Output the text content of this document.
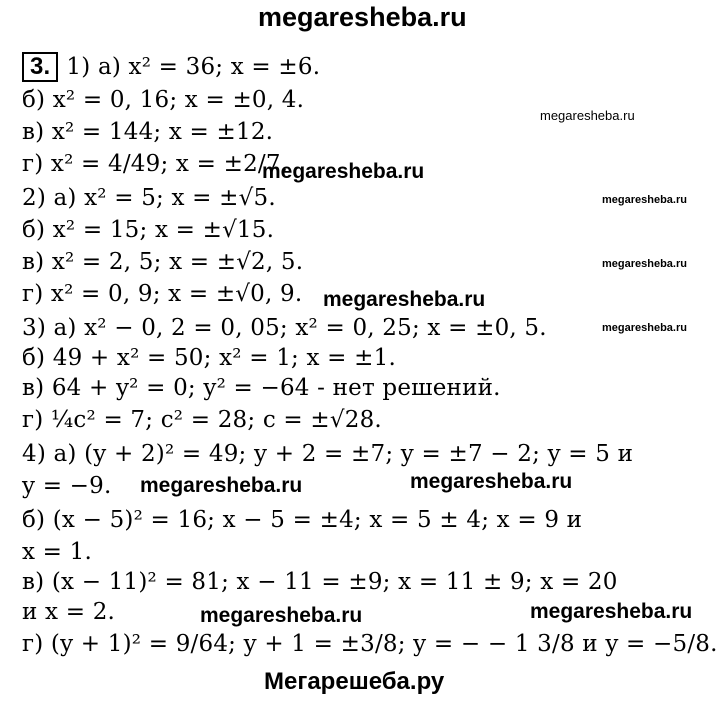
megaresheba.ru
megaresheba.ru
megaresheba.ru
megaresheba.ru
megaresheba.ru
megaresheba.ru
megaresheba.ru
megaresheba.ru	megaresheba.ru
megaresheba.ru	megaresheba.ru
Мегарешеба.ру
3. 1) а) x² = 36; x = ±6.
б) x² = 0, 16; x = ±0, 4.
в) x² = 144; x = ±12.
г) x² = 4/49; x = ±2/7.
2) а) x² = 5; x = ±√5.
б) x² = 15; x = ±√15.
в) x² = 2, 5; x = ±√2, 5.
г) x² = 0, 9; x = ±√0, 9.
3) а) x² − 0, 2 = 0, 05; x² = 0, 25; x = ±0, 5.
б) 49 + x² = 50; x² = 1; x = ±1.
в) 64 + y² = 0; y² = −64 - нет решений.
г) ¼c² = 7; c² = 28; c = ±√28.
4) а) (y + 2)² = 49; y + 2 = ±7; y = ±7 − 2; y = 5 и
y = −9.
б) (x − 5)² = 16; x − 5 = ±4; x = 5 ± 4; x = 9 и
x = 1.
в) (x − 11)² = 81; x − 11 = ±9; x = 11 ± 9; x = 20
и x = 2.
г) (y + 1)² = 9/64; y + 1 = ±3/8; y = − − 1 3/8 и y = −5/8.
